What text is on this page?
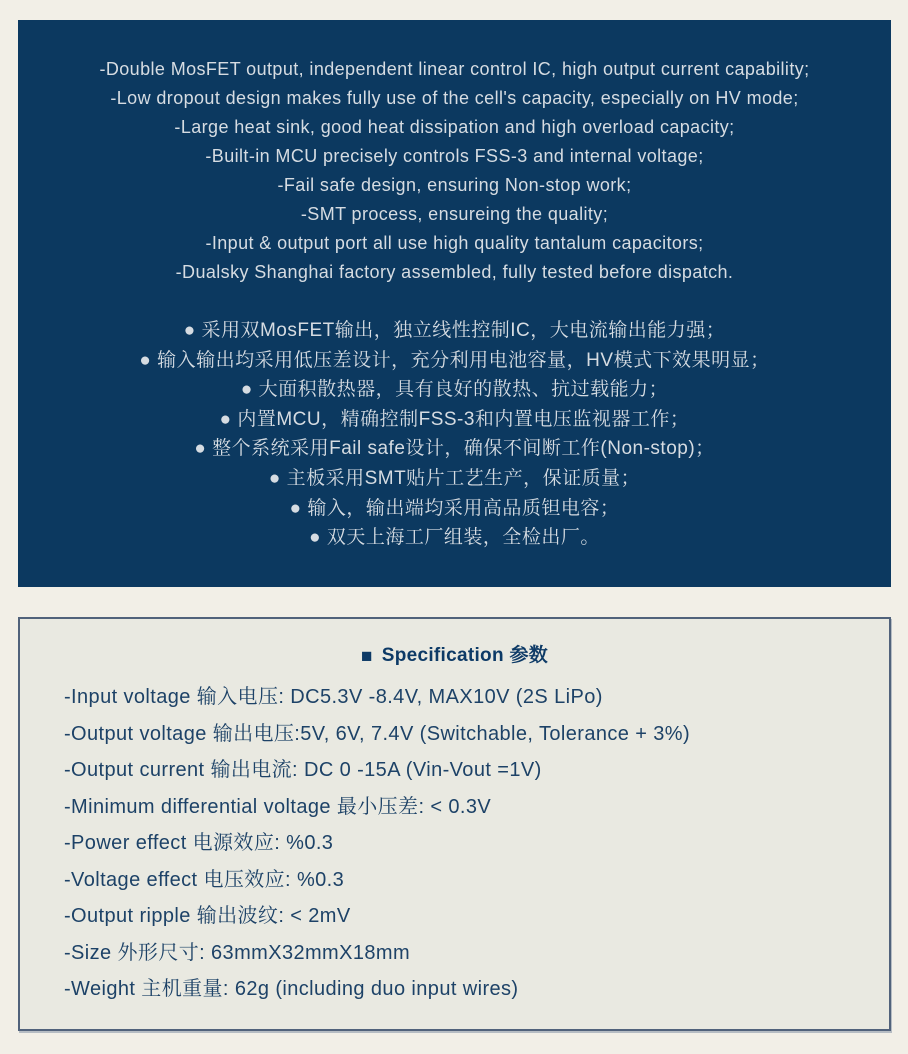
-Double MosFET output, independent linear control IC, high output current capability;
-Low dropout design makes fully use of the cell's capacity, especially on HV mode;
-Large heat sink, good heat dissipation and high overload capacity;
-Built-in MCU precisely controls FSS-3 and internal voltage;
-Fail safe design, ensuring Non-stop work;
-SMT process, ensureing the quality;
-Input & output port all use high quality tantalum capacitors;
-Dualsky Shanghai factory assembled, fully tested before dispatch.
● 采用双MosFET输出，独立线性控制IC，大电流输出能力强；
● 输入输出均采用低压差设计，充分利用电池容量，HV模式下效果明显；
● 大面积散热器，具有良好的散热、抗过载能力；
● 内置MCU，精确控制FSS-3和内置电压监视器工作；
● 整个系统采用Fail safe设计，确保不间断工作(Non-stop)；
● 主板采用SMT贴片工艺生产，保证质量；
● 输入，输出端均采用高品质钽电容；
● 双天上海工厂组装，全检出厂。
■ Specification 参数
-Input voltage 输入电压: DC5.3V -8.4V, MAX10V (2S LiPo)
-Output voltage 输出电压:5V, 6V, 7.4V (Switchable, Tolerance + 3%)
-Output current 输出电流: DC 0 -15A (Vin-Vout =1V)
-Minimum differential voltage 最小压差: < 0.3V
-Power effect 电源效应: %0.3
-Voltage effect 电压效应: %0.3
-Output ripple 输出波纹: < 2mV
-Size 外形尺寸: 63mmX32mmX18mm
-Weight 主机重量: 62g (including duo input wires)
